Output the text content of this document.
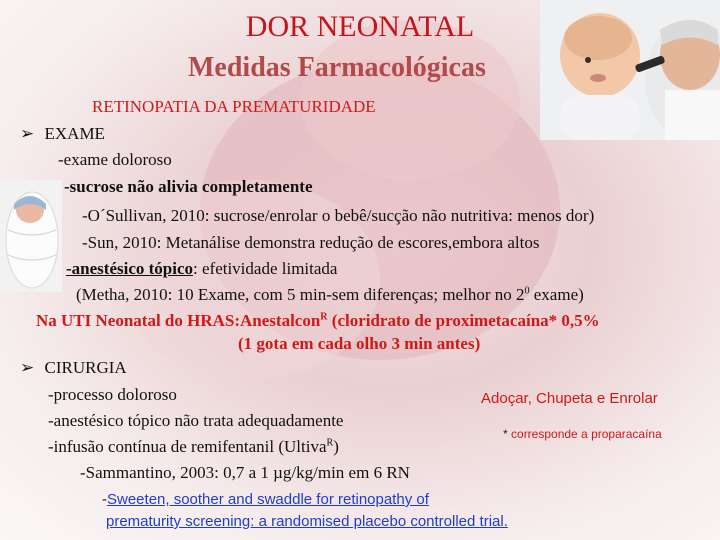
DOR NEONATAL
Medidas Farmacológicas
RETINOPATIA DA PREMATURIDADE
➢ EXAME
-exame doloroso
-sucrose não alivia completamente
-O´Sullivan, 2010: sucrose/enrolar o bebê/sucção não nutritiva: menos dor)
-Sun, 2010: Metanálise demonstra redução de escores,embora altos
-anestésico tópico: efetividade limitada
(Metha, 2010: 10 Exame, com 5 min-sem diferenças; melhor no $2^0$ exame)
Na UTI Neonatal do HRAS:Anestalcon$^R$ (cloridrato de proximetacaína* 0,5%
(1 gota em cada olho 3 min antes)
➢ CIRURGIA
-processo doloroso
-anestésico tópico não trata adequadamente
-infusão contínua de remifentanil (Ultiva$^R$)
-Sammantino, 2003: 0,7 a 1 µg/kg/min em 6 RN
Adoçar, Chupeta e Enrolar
* corresponde a proparacaína
-Sweeten, soother and swaddle for retinopathy of
prematurity screening: a randomised placebo controlled trial.
